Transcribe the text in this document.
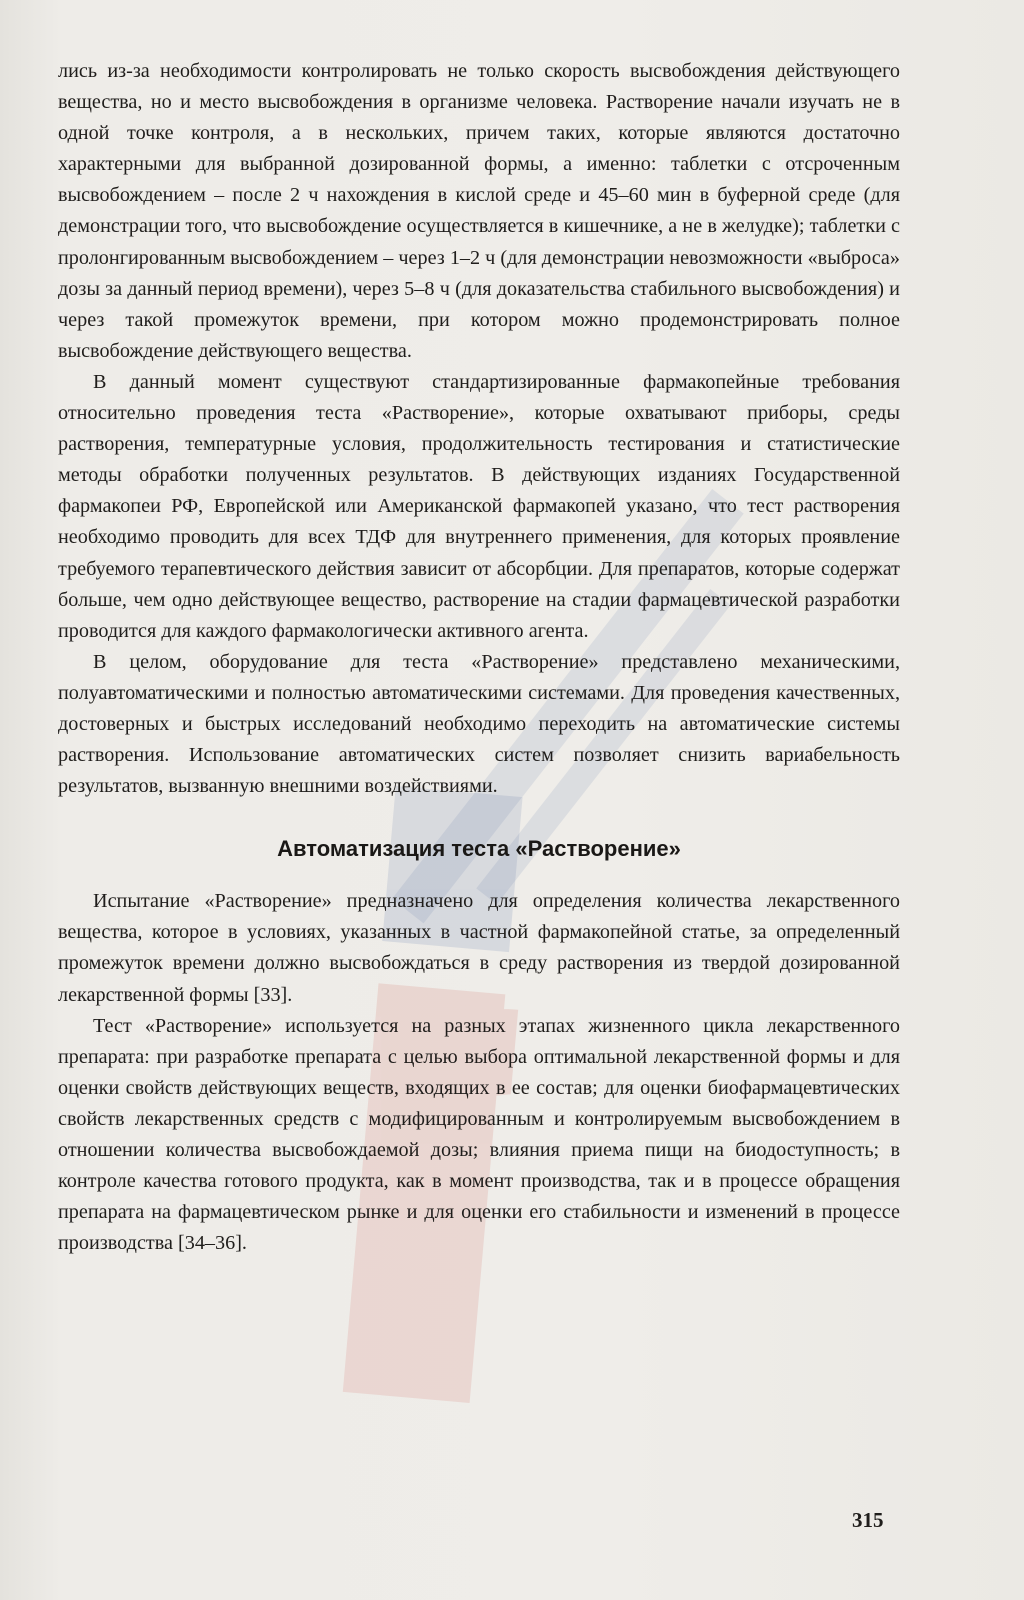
лись из-за необходимости контролировать не только скорость высвобождения действующего вещества, но и место высвобождения в организме человека. Растворение начали изучать не в одной точке контроля, а в нескольких, причем таких, которые являются достаточно характерными для выбранной дозированной формы, а именно: таблетки с отсроченным высвобождением – после 2 ч нахождения в кислой среде и 45–60 мин в буферной среде (для демонстрации того, что высвобождение осуществляется в кишечнике, а не в желудке); таблетки с пролонгированным высвобождением – через 1–2 ч (для демонстрации невозможности «выброса» дозы за данный период времени), через 5–8 ч (для доказательства стабильного высвобождения) и через такой промежуток времени, при котором можно продемонстрировать полное высвобождение действующего вещества.

В данный момент существуют стандартизированные фармакопейные требования относительно проведения теста «Растворение», которые охватывают приборы, среды растворения, температурные условия, продолжительность тестирования и статистические методы обработки полученных результатов. В действующих изданиях Государственной фармакопеи РФ, Европейской или Американской фармакопей указано, что тест растворения необходимо проводить для всех ТДФ для внутреннего применения, для которых проявление требуемого терапевтического действия зависит от абсорбции. Для препаратов, которые содержат больше, чем одно действующее вещество, растворение на стадии фармацевтической разработки проводится для каждого фармакологически активного агента.

В целом, оборудование для теста «Растворение» представлено механическими, полуавтоматическими и полностью автоматическими системами. Для проведения качественных, достоверных и быстрых исследований необходимо переходить на автоматические системы растворения. Использование автоматических систем позволяет снизить вариабельность результатов, вызванную внешними воздействиями.

Автоматизация теста «Растворение»

Испытание «Растворение» предназначено для определения количества лекарственного вещества, которое в условиях, указанных в частной фармакопейной статье, за определенный промежуток времени должно высвобождаться в среду растворения из твердой дозированной лекарственной формы [33].

Тест «Растворение» используется на разных этапах жизненного цикла лекарственного препарата: при разработке препарата с целью выбора оптимальной лекарственной формы и для оценки свойств действующих веществ, входящих в ее состав; для оценки биофармацевтических свойств лекарственных средств с модифицированным и контролируемым высвобождением в отношении количества высвобождаемой дозы; влияния приема пищи на биодоступность; в контроле качества готового продукта, как в момент производства, так и в процессе обращения препарата на фармацевтическом рынке и для оценки его стабильности и изменений в процессе производства [34–36].

315
